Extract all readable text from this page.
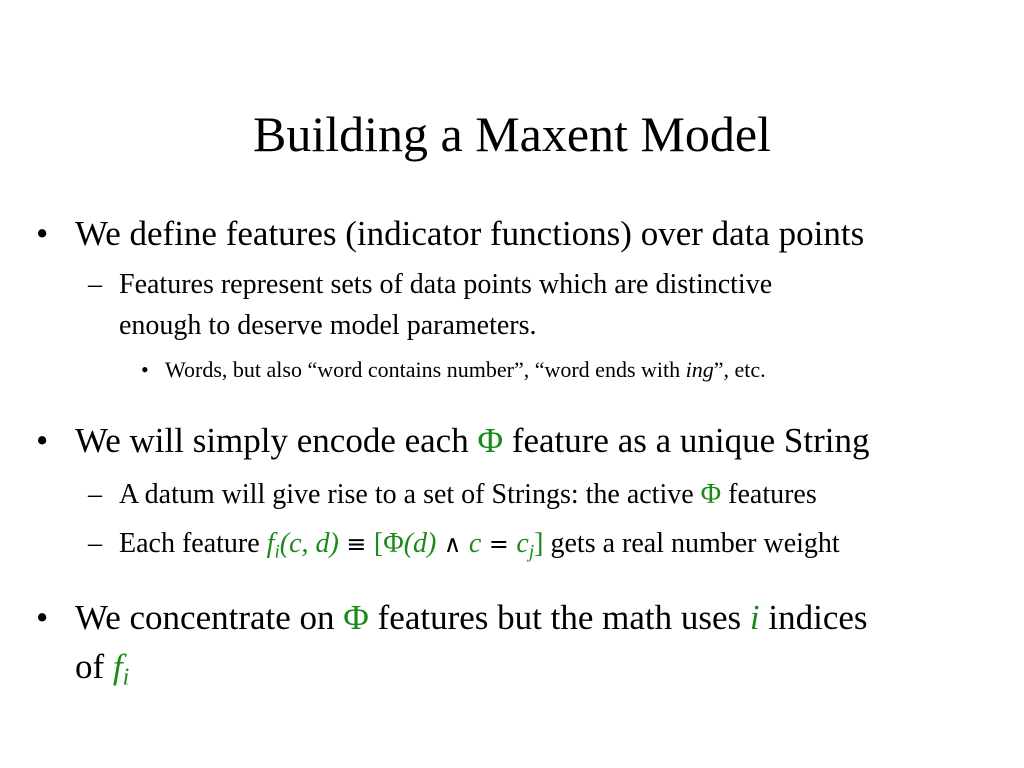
Building a Maxent Model
• We define features (indicator functions) over data points
– Features represent sets of data points which are distinctive
enough to deserve model parameters.
• Words, but also “word contains number”, “word ends with ing”, etc.
• We will simply encode each Φ feature as a unique String
– A datum will give rise to a set of Strings: the active Φ features
– Each feature $f_i(c$, d) ≡ [Φ(d) ∧ $c = c_j$] gets a real number weight
• We concentrate on Φ features but the math uses i indices
of $f_i$
